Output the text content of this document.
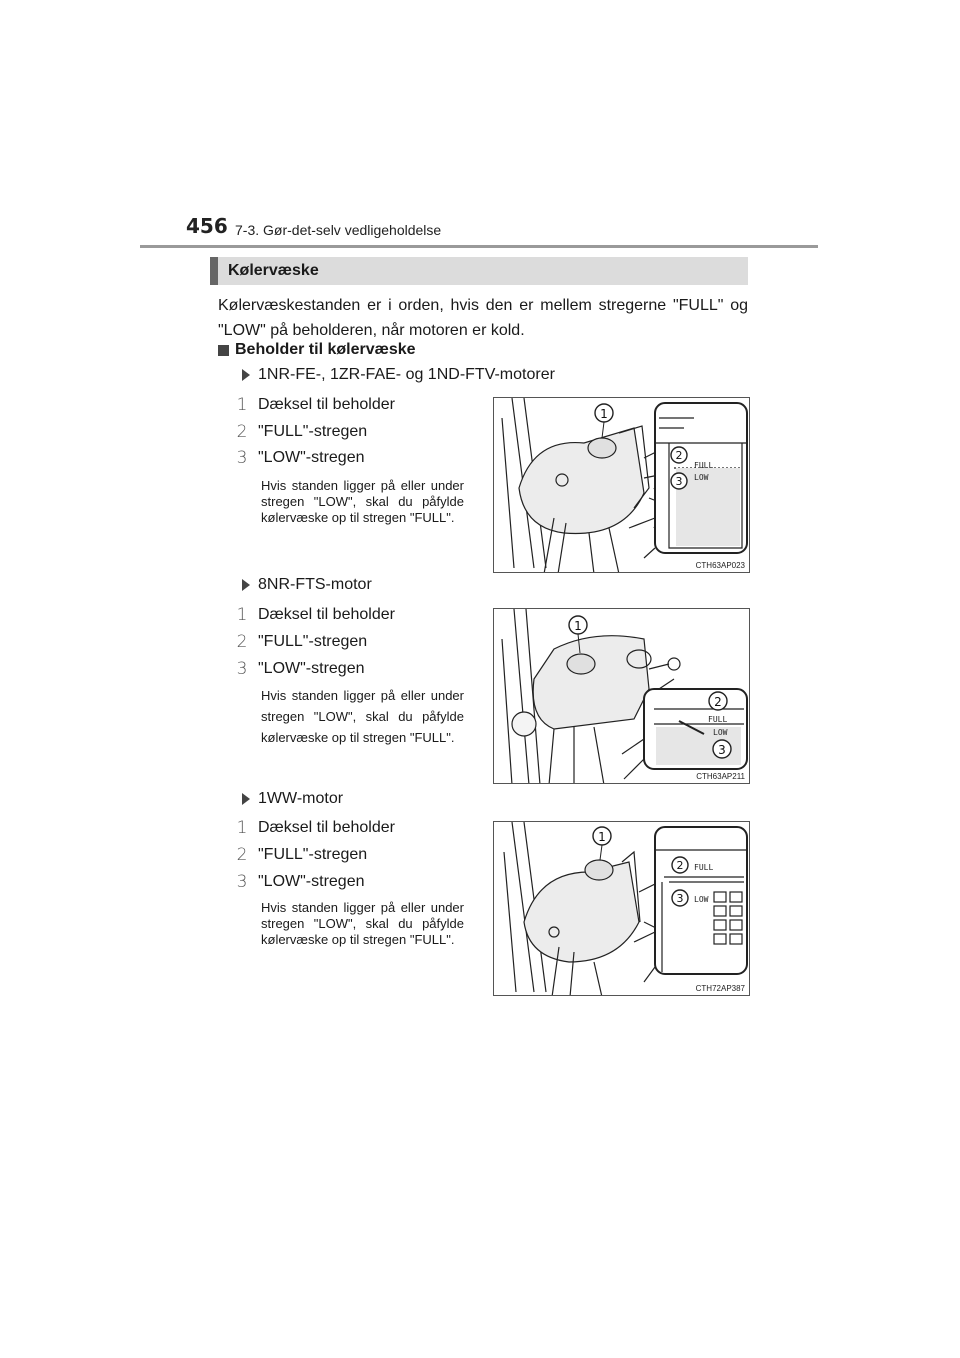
456 7-3. Gør-det-selv vedligeholdelse
Kølervæske

Kølervæskestanden er i orden, hvis den er mellem stregerne "FULL" og "LOW" på beholderen, når motoren er kold.

Beholder til kølervæske
1NR-FE-, 1ZR-FAE- og 1ND-FTV-motorer
1 Dæksel til beholder
2 "FULL"-stregen
3 "LOW"-stregen

Hvis standen ligger på eller under stregen "LOW", skal du påfylde kølervæske op til stregen "FULL".

FULL
LOW
1
2
3
CTH63AP023
8NR-FTS-motor
1 Dæksel til beholder
2 "FULL"-stregen
3 "LOW"-stregen

Hvis standen ligger på eller under stregen "LOW", skal du påfylde kølervæske op til stregen "FULL".

FULL
LOW
1
2
3
CTH63AP211
1WW-motor
1 Dæksel til beholder
2 "FULL"-stregen
3 "LOW"-stregen

Hvis standen ligger på eller under stregen "LOW", skal du påfylde kølervæske op til stregen "FULL".

FULL
LOW
1
2
3
CTH72AP387
